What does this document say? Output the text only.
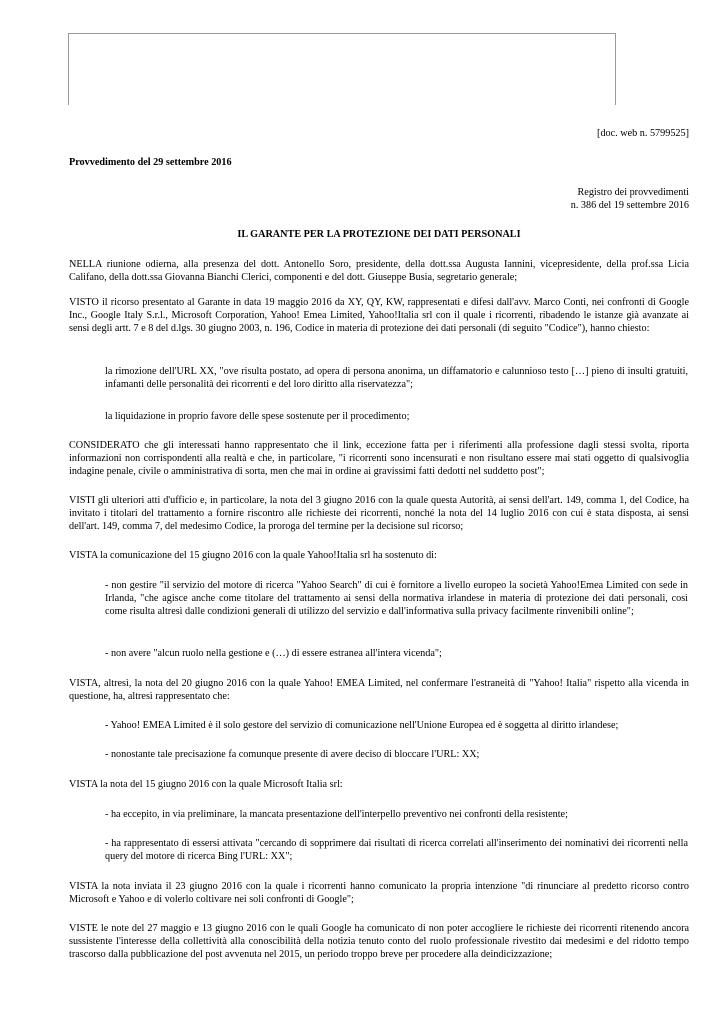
[doc. web n. 5799525]

Provvedimento del 29 settembre 2016

Registro dei provvedimenti

n. 386 del 19 settembre 2016

IL GARANTE PER LA PROTEZIONE DEI DATI PERSONALI

NELLA riunione odierna, alla presenza del dott. Antonello Soro, presidente, della dott.ssa Augusta Iannini, vicepresidente, della prof.ssa Licia Califano, della dott.ssa Giovanna Bianchi Clerici, componenti e del dott. Giuseppe Busia, segretario generale;

VISTO il ricorso presentato al Garante in data 19 maggio 2016 da XY, QY, KW, rappresentati e difesi dall'avv. Marco Conti, nei confronti di Google Inc., Google Italy S.r.l., Microsoft Corporation, Yahoo! Emea Limited, Yahoo!Italia srl con il quale i ricorrenti, ribadendo le istanze già avanzate ai sensi degli artt. 7 e 8 del d.lgs. 30 giugno 2003, n. 196, Codice in materia di protezione dei dati personali (di seguito "Codice"), hanno chiesto:

la rimozione dell'URL XX, "ove risulta postato, ad opera di persona anonima, un diffamatorio e calunnioso testo […] pieno di insulti gratuiti, infamanti delle personalità dei ricorrenti e del loro diritto alla riservatezza";

la liquidazione in proprio favore delle spese sostenute per il procedimento;

CONSIDERATO che gli interessati hanno rappresentato che il link, eccezione fatta per i riferimenti alla professione dagli stessi svolta, riporta informazioni non corrispondenti alla realtà e che, in particolare, "i ricorrenti sono incensurati e non risultano essere mai stati oggetto di qualsivoglia indagine penale, civile o amministrativa di sorta, men che mai in ordine ai gravissimi fatti dedotti nel suddetto post";

VISTI gli ulteriori atti d'ufficio e, in particolare, la nota del 3 giugno 2016 con la quale questa Autorità, ai sensi dell'art. 149, comma 1, del Codice, ha invitato i titolari del trattamento a fornire riscontro alle richieste dei ricorrenti, nonché la nota del 14 luglio 2016 con cui è stata disposta, ai sensi dell'art. 149, comma 7, del medesimo Codice, la proroga del termine per la decisione sul ricorso;

VISTA la comunicazione del 15 giugno 2016 con la quale Yahoo!Italia srl ha sostenuto di:

- non gestire "il servizio del motore di ricerca "Yahoo Search" di cui è fornitore a livello europeo la società Yahoo!Emea Limited con sede in Irlanda, "che agisce anche come titolare del trattamento ai sensi della normativa irlandese in materia di protezione dei dati personali, così come risulta altresì dalle condizioni generali di utilizzo del servizio e dall'informativa sulla privacy facilmente rinvenibili online";

- non avere "alcun ruolo nella gestione e (…) di essere estranea all'intera vicenda";

VISTA, altresì, la nota del 20 giugno 2016 con la quale Yahoo! EMEA Limited, nel confermare l'estraneità di "Yahoo! Italia" rispetto alla vicenda in questione, ha, altresì rappresentato che:

- Yahoo! EMEA Limited è il solo gestore del servizio di comunicazione nell'Unione Europea ed è soggetta al diritto irlandese;

- nonostante tale precisazione fa comunque presente di avere deciso di bloccare l'URL: XX;

VISTA la nota del 15 giugno 2016 con la quale Microsoft Italia srl:

- ha eccepito, in via preliminare, la mancata presentazione dell'interpello preventivo nei confronti della resistente;

- ha rappresentato di essersi attivata "cercando di sopprimere dai risultati di ricerca correlati all'inserimento dei nominativi dei ricorrenti nella query del motore di ricerca Bing l'URL: XX";

VISTA la nota inviata il 23 giugno 2016 con la quale i ricorrenti hanno comunicato la propria intenzione "di rinunciare al predetto ricorso contro Microsoft e Yahoo e di volerlo coltivare nei soli confronti di Google";

VISTE le note del 27 maggio e 13 giugno 2016 con le quali Google ha comunicato di non poter accogliere le richieste dei ricorrenti ritenendo ancora sussistente l'interesse della collettività alla conoscibilità della notizia tenuto conto del ruolo professionale rivestito dai medesimi e del ridotto tempo trascorso dalla pubblicazione del post avvenuta nel 2015, un periodo troppo breve per procedere alla deindicizzazione;
